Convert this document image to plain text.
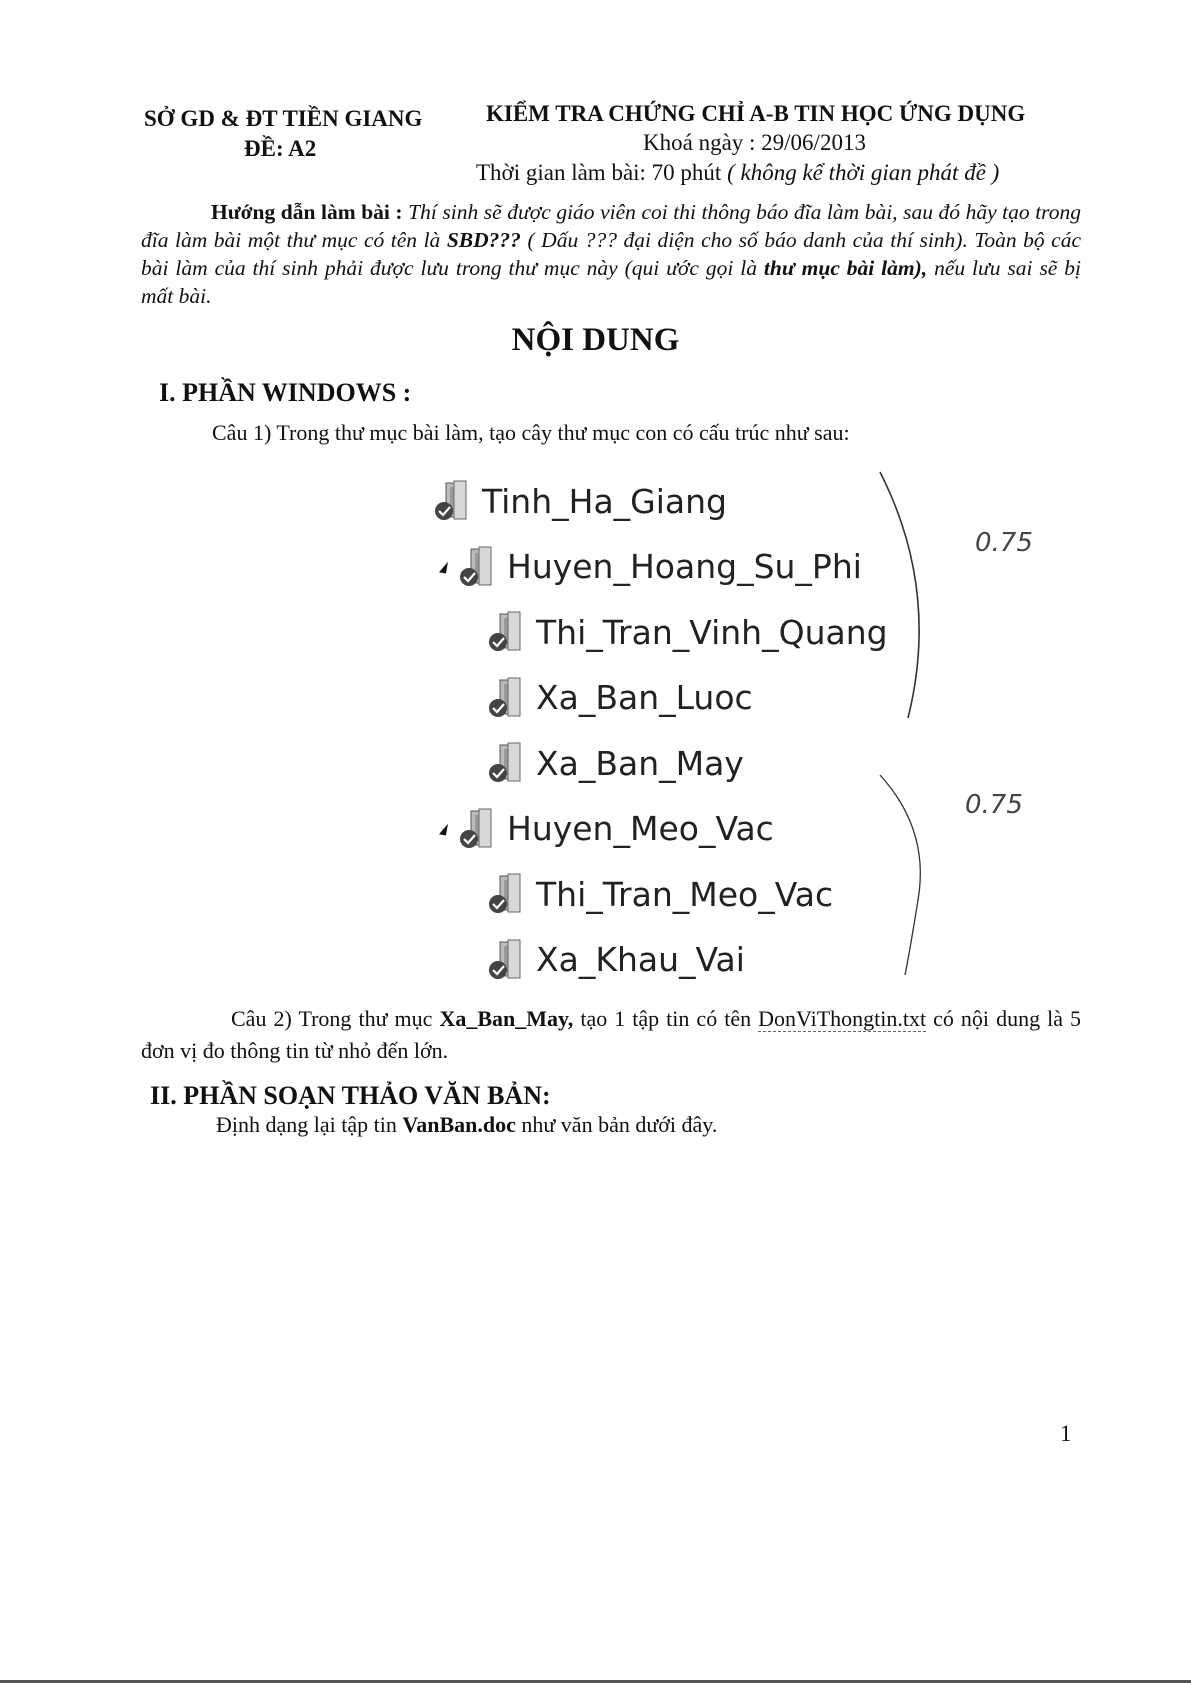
SỞ GD & ĐT TIỀN GIANG
ĐỀ: A2
KIỂM TRA CHỨNG CHỈ A-B TIN HỌC ỨNG DỤNG
Khoá ngày : 29/06/2013
Thời gian làm bài: 70 phút ( không kể thời gian phát đề )
Hướng dẫn làm bài : Thí sinh sẽ được giáo viên coi thi thông báo đĩa làm bài, sau đó hãy tạo trong đĩa làm bài một thư mục có tên là SBD??? ( Dấu ??? đại diện cho số báo danh của thí sinh). Toàn bộ các bài làm của thí sinh phải được lưu trong thư mục này (qui ước gọi là thư mục bài làm), nếu lưu sai sẽ bị mất bài.
NỘI DUNG
I. PHẦN WINDOWS :
Câu 1) Trong thư mục bài làm, tạo cây thư mục con có cấu trúc như sau:
Tinh_Ha_Giang
Huyen_Hoang_Su_Phi
Thi_Tran_Vinh_Quang
Xa_Ban_Luoc
Xa_Ban_May
Huyen_Meo_Vac
Thi_Tran_Meo_Vac
Xa_Khau_Vai
0.75
0.75
Câu 2) Trong thư mục Xa_Ban_May, tạo 1 tập tin có tên DonViThongtin.txt có nội dung là 5 đơn vị đo thông tin từ nhỏ đến lớn.
II. PHẦN SOẠN THẢO VĂN BẢN:
Định dạng lại tập tin VanBan.doc như văn bản dưới đây.
1
